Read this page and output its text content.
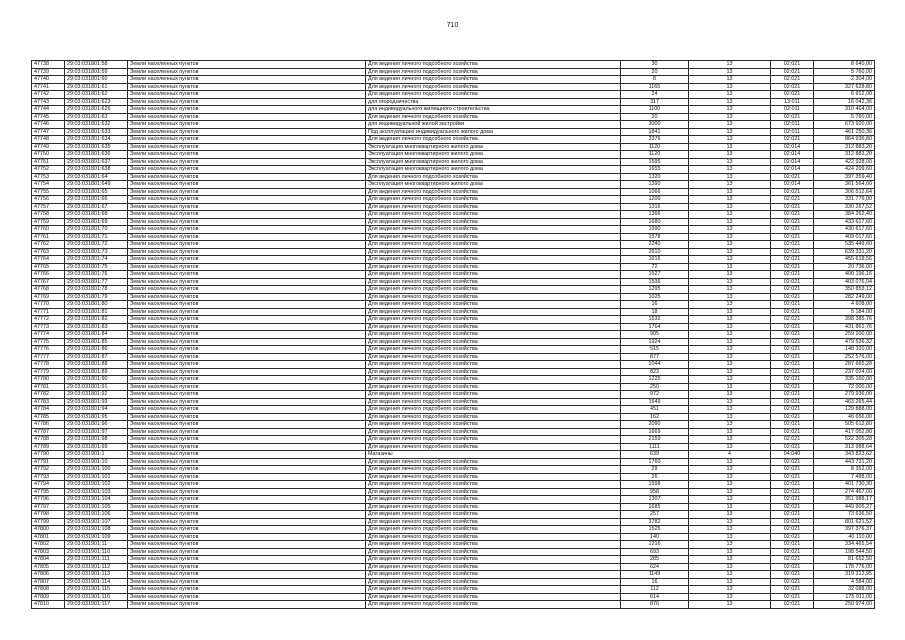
710
47738	29:03:031801:58	Земли населенных пунктов	Для ведения личного подсобного хозяйства	30	13	02:021	8 640,00
47739	29:03:031801:59	Земли населенных пунктов	Для ведения личного подсобного хозяйства	20	13	02:021	5 760,00
47740	29:03:031801:60	Земли населенных пунктов	Для ведения личного подсобного хозяйства	8	13	02:021	2 304,00
47741	29:03:031801:61	Земли населенных пунктов	Для ведения личного подсобного хозяйства	1165	13	02:021	327 628,80
47742	29:03:031801:62	Земли населенных пунктов	Для ведения личного подсобного хозяйства	24	13	02:021	6 912,00
47743	29:03:031801:623	Земли населенных пунктов	для огородничества	317	13	13:011	16 042,36
47744	29:03:031801:626	Земли населенных пунктов	для индивидуального жилищного строительства	1100	13	02:011	310 464,00
47745	29:03:031801:63	Земли населенных пунктов	Для ведения личного подсобного хозяйства	20	13	02:021	5 760,00
47746	29:03:031801:632	Земли населенных пунктов	для индивидуальной жилой застройки	3000	13	02:011	673 920,00
47747	29:03:031801:633	Земли населенных пунктов	Под эксплуатацию индивидуального жилого дома	1841	13	02:011	461 250,36
47748	29:03:031801:634	Земли населенных пунктов	Для ведения личного подсобного хозяйства	3376	13	02:021	864 936,80
47749	29:03:031801:635	Земли населенных пунктов	Эксплуатация многоквартирного жилого дома	1120	13	02:014	312 883,20
47750	29:03:031801:636	Земли населенных пунктов	Эксплуатация многоквартирного жилого дома	1120	13	02:014	312 883,20
47751	29:03:031801:637	Земли населенных пунктов	Эксплуатация многоквартирного жилого дома	1595	13	02:014	422 928,00
47752	29:03:031801:638	Земли населенных пунктов	Эксплуатация многоквартирного жилого дома	1655	13	02:014	424 209,60
47753	29:03:031801:64	Земли населенных пунктов	Для ведения личного подсобного хозяйства	1320	13	02:021	397 359,40
47754	29:03:031801:649	Земли населенных пунктов	Эксплуатация многоквартирного жилого дома	1390	13	02:014	361 564,00
47755	29:03:031801:65	Земли населенных пунктов	Для ведения личного подсобного хозяйства	1066	13	02:021	306 512,64
47756	29:03:031801:66	Земли населенных пунктов	Для ведения личного подсобного хозяйства	1200	13	02:021	331 776,00
47757	29:03:031801:67	Земли населенных пунктов	Для ведения личного подсобного хозяйства	1316	13	02:021	330 267,52
47758	29:03:031801:68	Земли населенных пунктов	Для ведения личного подсобного хозяйства	1366	13	02:021	384 262,40
47759	29:03:031801:69	Земли населенных пунктов	Для ведения личного подсобного хозяйства	1680	13	02:021	433 617,60
47760	29:03:031801:70	Земли населенных пунктов	Для ведения личного подсобного хозяйства	1590	13	02:021	430 617,60
47761	29:03:031801:71	Земли населенных пунктов	Для ведения личного подсобного хозяйства	1578	13	02:021	409 017,60
47762	29:03:031801:72	Земли населенных пунктов	Для ведения личного подсобного хозяйства	2240	13	02:021	535 449,60
47763	29:03:031801:73	Земли населенных пунктов	Для ведения личного подсобного хозяйства	2610	13	02:021	639 331,20
47764	29:03:031801:74	Земли населенных пунктов	Для ведения личного подсобного хозяйства	1616	13	02:021	455 618,56
47765	29:03:031801:75	Земли населенных пунктов	Для ведения личного подсобного хозяйства	72	13	02:021	20 736,00
47766	29:03:031801:76	Земли населенных пунктов	Для ведения личного подсобного хозяйства	1527	13	02:021	400 196,16
47767	29:03:031801:77	Земли населенных пунктов	Для ведения личного подсобного хозяйства	1536	13	02:021	403 076,04
47768	29:03:031801:78	Земли населенных пунктов	Для ведения личного подсобного хозяйства	1295	13	02:021	350 853,12
47769	29:03:031801:79	Земли населенных пунктов	Для ведения личного подсобного хозяйства	1025	13	02:021	282 249,00
47770	29:03:031801:80	Земли населенных пунктов	Для ведения личного подсобного хозяйства	16	13	02:021	4 608,00
47771	29:03:031801:81	Земли населенных пунктов	Для ведения личного подсобного хозяйства	18	13	02:021	5 184,00
47772	29:03:031801:82	Земли населенных пунктов	Для ведения личного подсобного хозяйства	1532	13	02:021	398 385,76
47773	29:03:031801:83	Земли населенных пунктов	Для ведения личного подсобного хозяйства	1764	13	02:021	431 861,76
47774	29:03:031801:84	Земли населенных пунктов	Для ведения личного подсобного хозяйства	905	13	02:021	259 200,00
47775	29:03:031801:85	Земли населенных пунктов	Для ведения личного подсобного хозяйства	1924	13	02:021	479 536,32
47776	29:03:031801:86	Земли населенных пунктов	Для ведения личного подсобного хозяйства	515	13	02:021	148 320,00
47777	29:03:031801:87	Земли населенных пунктов	Для ведения личного подсобного хозяйства	877	13	02:021	252 576,00
47778	29:03:031801:88	Земли населенных пунктов	Для ведения личного подсобного хозяйства	1044	13	02:021	287 665,28
47779	29:03:031801:89	Земли населенных пунктов	Для ведения личного подсобного хозяйства	823	13	02:021	237 024,00
47780	29:03:031801:90	Земли населенных пунктов	Для ведения личного подсобного хозяйства	1225	13	02:021	335 160,00
47781	29:03:031801:91	Земли населенных пунктов	Для ведения личного подсобного хозяйства	250	13	02:021	72 000,00
47782	29:03:031801:92	Земли населенных пунктов	Для ведения личного подсобного хозяйства	972	13	02:021	279 936,00
47783	29:03:031801:93	Земли населенных пунктов	Для ведения личного подсобного хозяйства	1649	13	02:021	463 265,44
47784	29:03:031801:94	Земли населенных пунктов	Для ведения личного подсобного хозяйства	451	13	02:021	129 888,00
47785	29:03:031801:95	Земли населенных пунктов	Для ведения личного подсобного хозяйства	162	13	02:021	46 656,00
47786	29:03:031801:96	Земли населенных пунктов	Для ведения личного подсобного хозяйства	2090	13	02:021	505 612,80
47787	29:03:031801:97	Земли населенных пунктов	Для ведения личного подсобного хозяйства	1669	13	02:021	417 052,80
47788	29:03:031801:98	Земли населенных пунктов	Для ведения личного подсобного хозяйства	2159	13	02:021	522 305,28
47789	29:03:031801:99	Земли населенных пунктов	Для ведения личного подсобного хозяйства	1111	13	02:021	313 988,64
47790	29:03:031901:1	Земли населенных пунктов	Магазины	639	4	04:040	343 823,62
47791	29:03:031901:10	Земли населенных пунктов	Для ведения личного подсобного хозяйства	1760	13	02:021	443 731,20
47792	29:03:031901:100	Земли населенных пунктов	Для ведения личного подсобного хозяйства	29	13	02:021	8 352,00
47793	29:03:031901:101	Земли населенных пунктов	Для ведения личного подсобного хозяйства	26	13	02:021	7 488,00
47794	29:03:031901:102	Земли населенных пунктов	Для ведения личного подсобного хозяйства	1598	13	02:021	401 730,30
47795	29:03:031901:103	Земли населенных пунктов	Для ведения личного подсобного хозяйства	958	13	02:021	274 467,00
47796	29:03:031901:104	Земли населенных пунктов	Для ведения личного подсобного хозяйства	1307	13	02:021	351 988,17
47797	29:03:031901:105	Земли населенных пунктов	Для ведения личного подсобного хозяйства	1685	13	02:021	449 905,27
47798	29:03:031901:106	Земли населенных пунктов	Для ведения личного подсобного хозяйства	257	13	02:021	73 636,50
47799	29:03:031901:107	Земли населенных пунктов	Для ведения личного подсобного хозяйства	3782	13	02:021	801 621,52
47800	29:03:031901:108	Земли населенных пунктов	Для ведения личного подсобного хозяйства	1525	13	02:021	397 376,37
47801	29:03:031901:109	Земли населенных пунктов	Для ведения личного подсобного хозяйства	140	13	02:021	40 110,00
47802	29:03:031901:11	Земли населенных пунктов	Для ведения личного подсобного хозяйства	1216	13	02:021	334 465,54
47803	29:03:031901:110	Земли населенных пунктов	Для ведения личного подсобного хозяйства	693	13	02:021	198 544,50
47804	29:03:031901:111	Земли населенных пунктов	Для ведения личного подсобного хозяйства	285	13	02:021	81 652,50
47805	29:03:031901:112	Земли населенных пунктов	Для ведения личного подсобного хозяйства	624	13	02:021	178 776,00
47806	29:03:031901:113	Земли населенных пунктов	Для ведения личного подсобного хозяйства	1149	13	02:021	319 312,95
47807	29:03:031901:114	Земли населенных пунктов	Для ведения личного подсобного хозяйства	16	13	02:021	4 584,00
47808	29:03:031901:115	Земли населенных пунктов	Для ведения личного подсобного хозяйства	112	13	02:021	32 088,00
47809	29:03:031901:116	Земли населенных пунктов	Для ведения личного подсобного хозяйства	614	13	02:021	175 911,00
47810	29:03:031901:117	Земли населенных пунктов	Для ведения личного подсобного хозяйства	876	13	02:021	250 974,00
